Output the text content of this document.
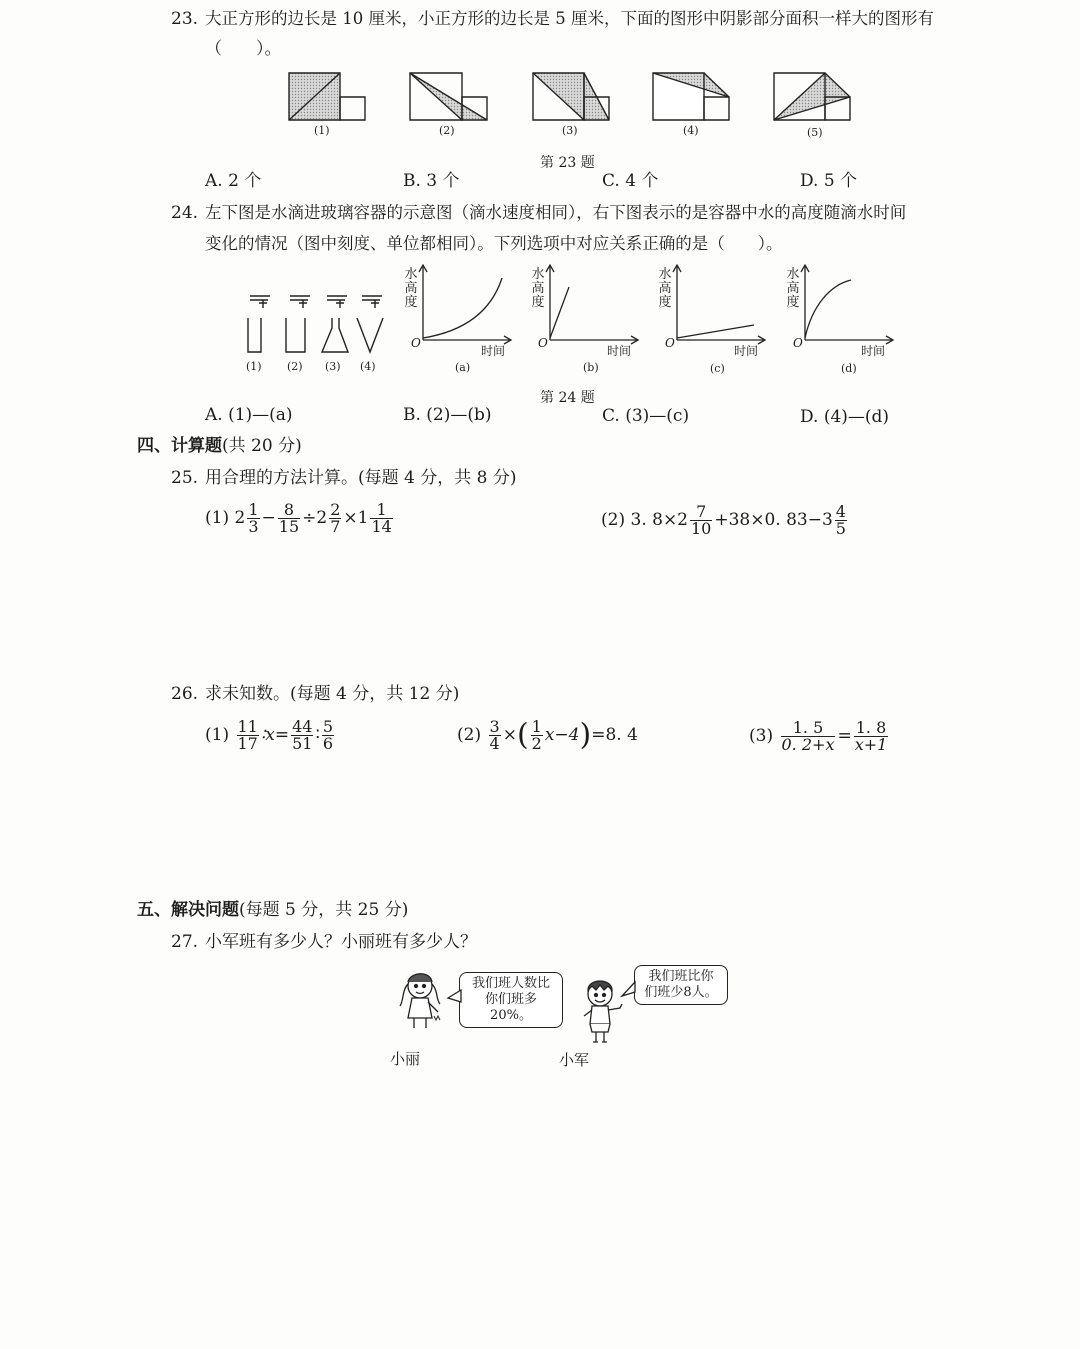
23. 大正方形的边长是 10 厘米，小正方形的边长是 5 厘米，下面的图形中阴影部分面积一样大的图形有
（　　）。
(1)	(2)	(3)	(4)	(5)
第 23 题
A. 2 个	B. 3 个	C. 4 个	D. 5 个
24. 左下图是水滴进玻璃容器的示意图（滴水速度相同），右下图表示的是容器中水的高度随滴水时间
变化的情况（图中刻度、单位都相同）。下列选项中对应关系正确的是（　　）。
(1) (2) (3) (4)
水高度
水高度
水高度
水高度
O	O	O	O
时间	时间	时间	时间
(a)	(b)	(c)	(d)
第 24 题
A. (1)—(a)	B. (2)—(b)	C. (3)—(c)	D. (4)—(d)
四、计算题(共 20 分)
25. 用合理的方法计算。(每题 4 分，共 8 分)
(1) $2 \frac{1}{3} - \frac{8}{15} \div 2 \frac{2}{7} \times 1 \frac{1}{14}$	(2) 3. $8\times 2 \frac{7}{10} +38\times 0$. $83-3 \frac{4}{5}$
26. 求未知数。(每题 4 分，共 12 分)
$(1) \frac{11}{17}$ ∶x= $\frac{44}{51}$ ∶ $\frac{5}{6}$	$(2) \frac{3}{4}$ ×( $\frac{1}{2} x-4)=8$. 4	$(3) \frac{1. 5}{0. 2+x} = \frac{1. 8}{x+1}$
五、解决问题(每题 5 分，共 25 分)
27. 小军班有多少人？小丽班有多少人？
我们班人数比
你们班多20%。
我们班比你
们班少8人。
小丽	小军
